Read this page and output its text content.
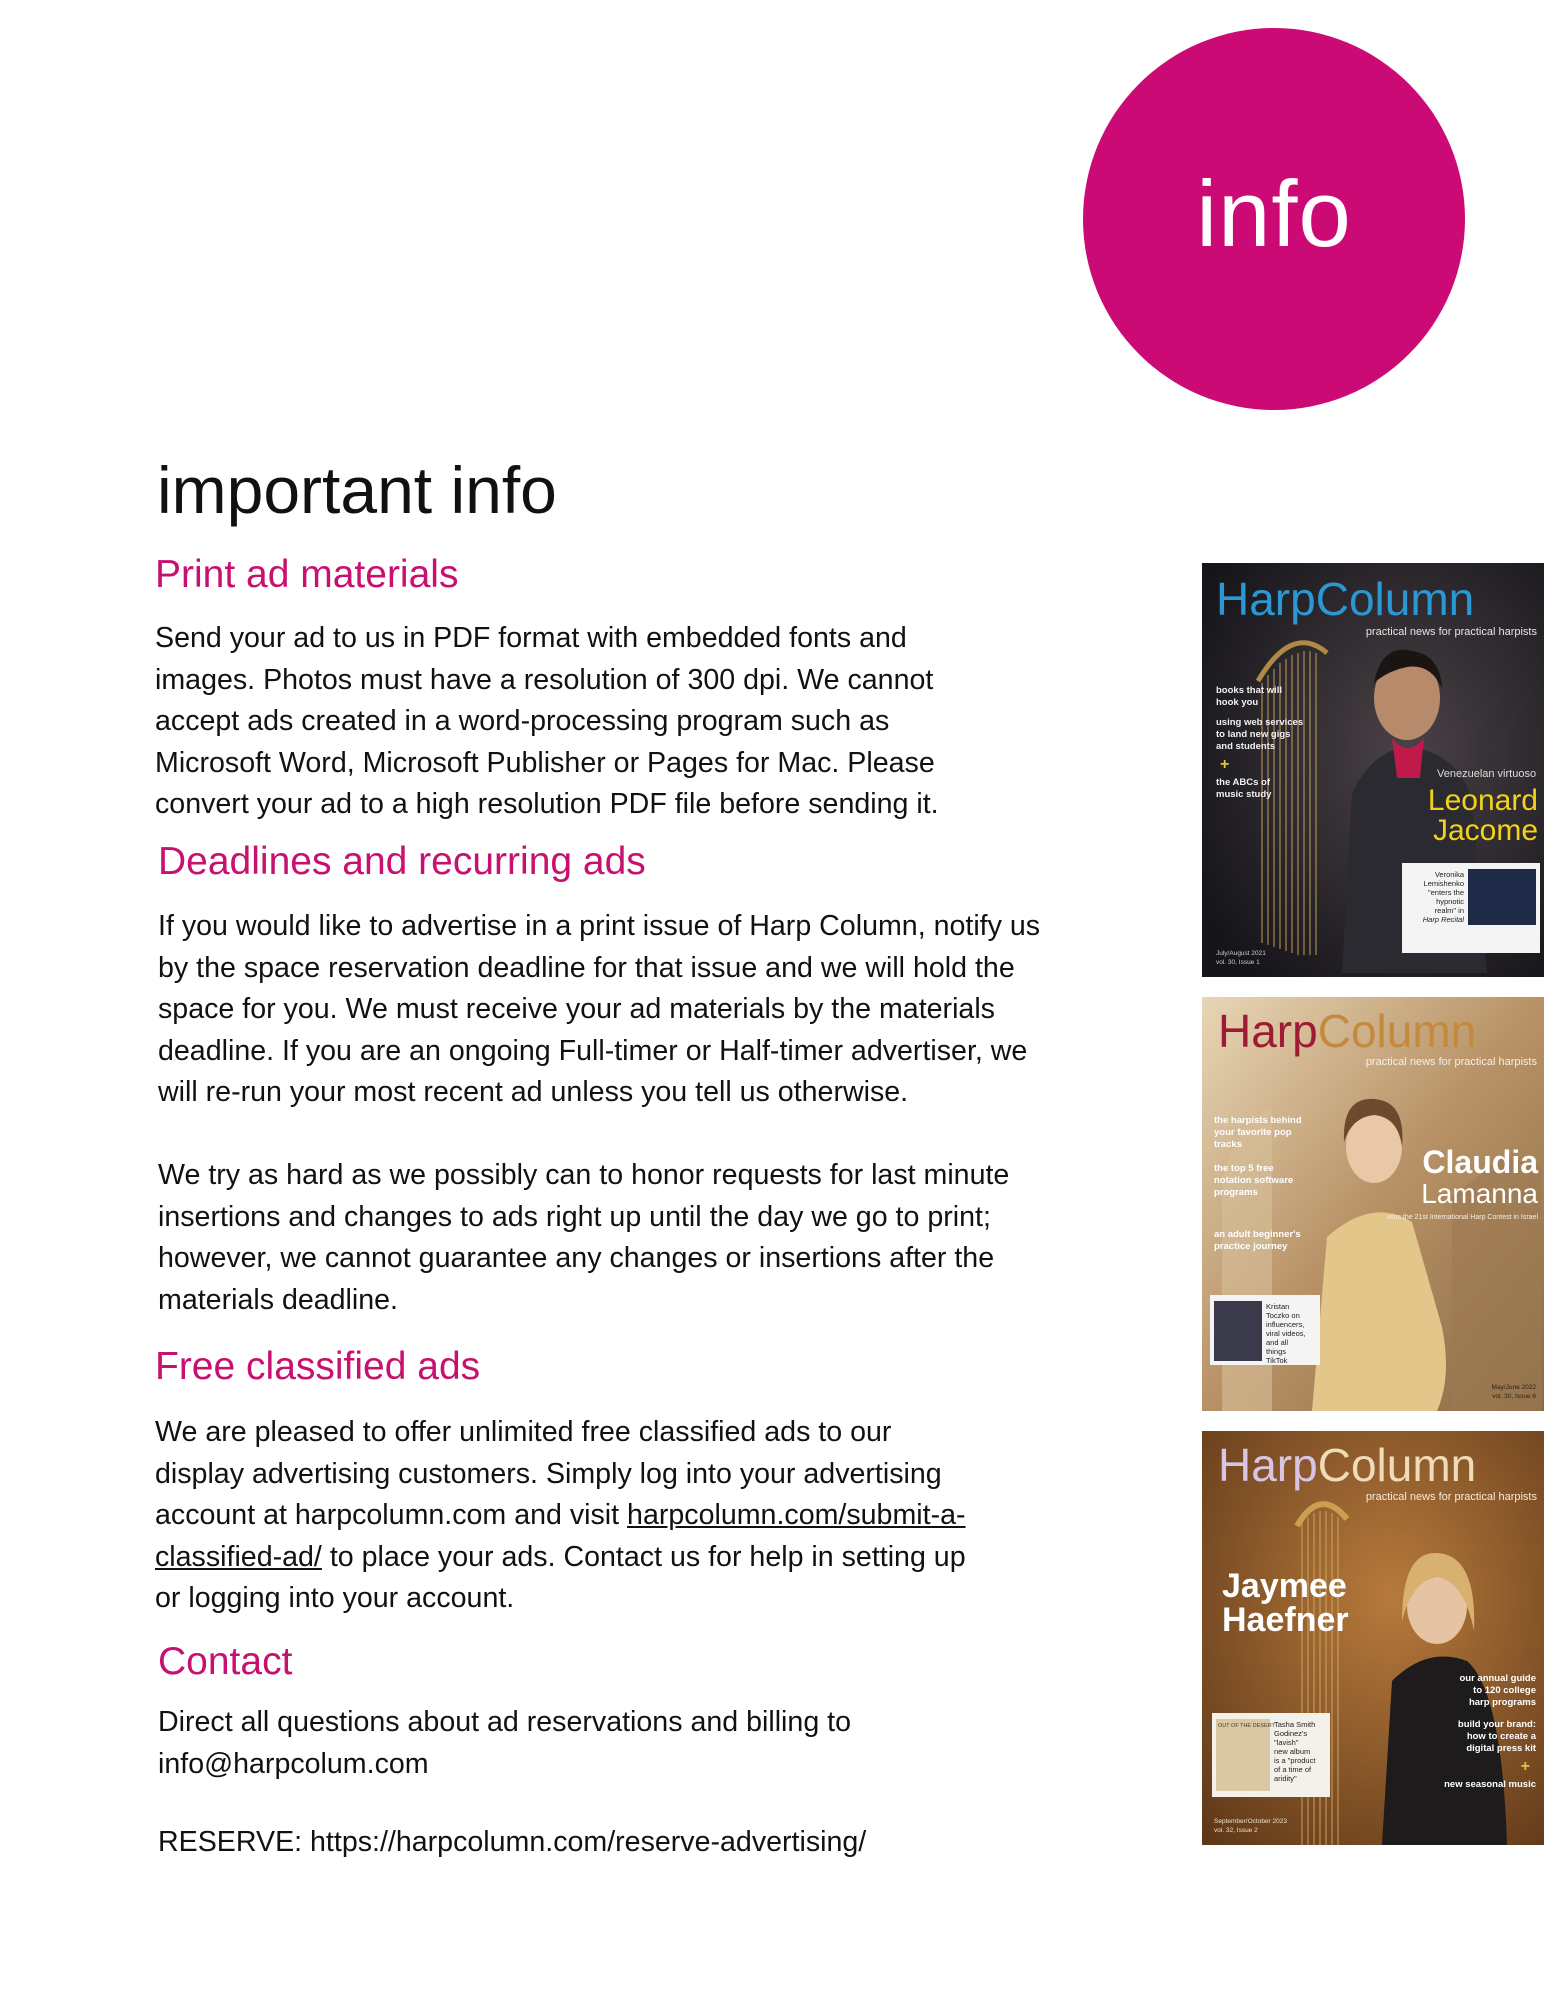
info
important info
Print ad materials

Send your ad to us in PDF format with embedded fonts and
images. Photos must have a resolution of 300 dpi. We cannot
accept ads created in a word-processing program such as
Microsoft Word, Microsoft Publisher or Pages for Mac. Please
convert your ad to a high resolution PDF file before sending it.

Deadlines and recurring ads

If you would like to advertise in a print issue of Harp Column, notify us
by the space reservation deadline for that issue and we will hold the
space for you. We must receive your ad materials by the materials
deadline. If you are an ongoing Full-timer or Half-timer advertiser, we
will re-run your most recent ad unless you tell us otherwise.

We try as hard as we possibly can to honor requests for last minute
insertions and changes to ads right up until the day we go to print;
however, we cannot guarantee any changes or insertions after the
materials deadline.

Free classified ads

We are pleased to offer unlimited free classified ads to our
display advertising customers. Simply log into your advertising
account at harpcolumn.com and visit harpcolumn.com/submit-a-
classified-ad/ to place your ads. Contact us for help in setting up
or logging into your account.

Contact

Direct all questions about ad reservations and billing to
info@harpcolum.com

RESERVE: https://harpcolumn.com/reserve-advertising/

HarpColumn
practical news for practical harpists
books that will
hook you
using web services
to land new gigs
and students
+
the ABCs of
music study
Venezuelan virtuoso
Leonard
Jacome
Veronika
Lemishenko
"enters the
hypnotic
realm" in
Harp Recital
July/August 2021
vol. 30, Issue 1
HarpColumn
practical news for practical harpists
the harpists behind
your favorite pop
tracks
the top 5 free
notation software
programs
an adult beginner's
practice journey
Claudia
Lamanna
wins the 21st International Harp Contest in Israel
Kristan
Toczko on
influencers,
viral videos,
and all
things
TikTok
May/June 2022
vol. 30, Issue 6
HarpColumn
practical news for practical harpists
Jaymee
Haefner
our annual guide
to 120 college
harp programs
build your brand:
how to create a
digital press kit
+
new seasonal music
OUT OF THE DESERT Tasha Smith
Godinez's
"lavish"
new album
is a "product
of a time of
aridity"
September/October 2023
vol. 32, Issue 2
